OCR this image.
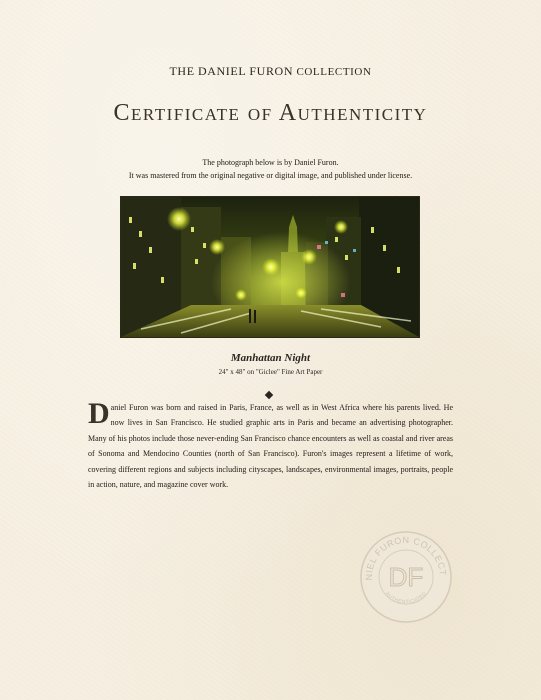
THE DANIEL FURON COLLECTION
Certificate of Authenticity
The photograph below is by Daniel Furon.
It was mastered from the original negative or digital image, and published under license.
Manhattan Night
24" x 48" on "Giclee" Fine Art Paper
Daniel Furon was born and raised in Paris, France, as well as in West Africa where his parents lived. He now lives in San Francisco. He studied graphic arts in Paris and became an advertising photographer. Many of his photos include those never-ending San Francisco chance encounters as well as coastal and river areas of Sonoma and Mendocino Counties (north of San Francisco). Furon's images represent a lifetime of work, covering different regions and subjects including cityscapes, landscapes, environmental images, portraits, people in action, nature, and magazine cover work.
NIEL FURON COLLECT
DF
AUTHENTICATED
